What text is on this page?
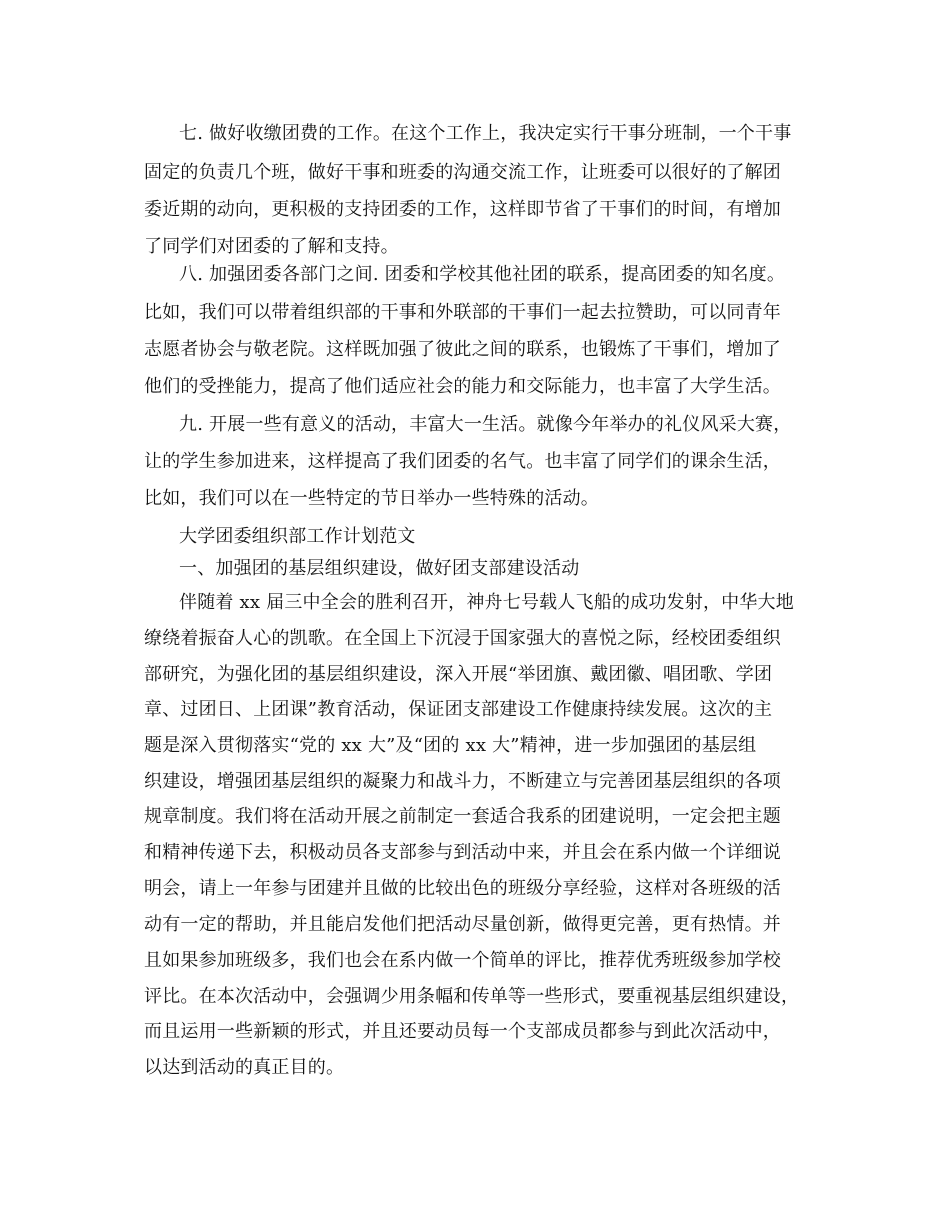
七. 做好收缴团费的工作。在这个工作上，我决定实行干事分班制，一个干事
固定的负责几个班，做好干事和班委的沟通交流工作，让班委可以很好的了解团
委近期的动向，更积极的支持团委的工作，这样即节省了干事们的时间，有增加
了同学们对团委的了解和支持。
八. 加强团委各部门之间. 团委和学校其他社团的联系，提高团委的知名度。
比如，我们可以带着组织部的干事和外联部的干事们一起去拉赞助，可以同青年
志愿者协会与敬老院。这样既加强了彼此之间的联系，也锻炼了干事们，增加了
他们的受挫能力，提高了他们适应社会的能力和交际能力，也丰富了大学生活。
九. 开展一些有意义的活动，丰富大一生活。就像今年举办的礼仪风采大赛，
让的学生参加进来，这样提高了我们团委的名气。也丰富了同学们的课余生活，
比如，我们可以在一些特定的节日举办一些特殊的活动。
大学团委组织部工作计划范文
一、加强团的基层组织建设，做好团支部建设活动
伴随着 xx 届三中全会的胜利召开，神舟七号载人飞船的成功发射，中华大地
缭绕着振奋人心的凯歌。在全国上下沉浸于国家强大的喜悦之际，经校团委组织
部研究，为强化团的基层组织建设，深入开展“举团旗、戴团徽、唱团歌、学团
章、过团日、上团课”教育活动，保证团支部建设工作健康持续发展。这次的主
题是深入贯彻落实“党的 xx 大”及“团的 xx 大”精神，进一步加强团的基层组
织建设，增强团基层组织的凝聚力和战斗力，不断建立与完善团基层组织的各项
规章制度。我们将在活动开展之前制定一套适合我系的团建说明，一定会把主题
和精神传递下去，积极动员各支部参与到活动中来，并且会在系内做一个详细说
明会，请上一年参与团建并且做的比较出色的班级分享经验，这样对各班级的活
动有一定的帮助，并且能启发他们把活动尽量创新，做得更完善，更有热情。并
且如果参加班级多，我们也会在系内做一个简单的评比，推荐优秀班级参加学校
评比。在本次活动中，会强调少用条幅和传单等一些形式，要重视基层组织建设，
而且运用一些新颖的形式，并且还要动员每一个支部成员都参与到此次活动中，
以达到活动的真正目的。
